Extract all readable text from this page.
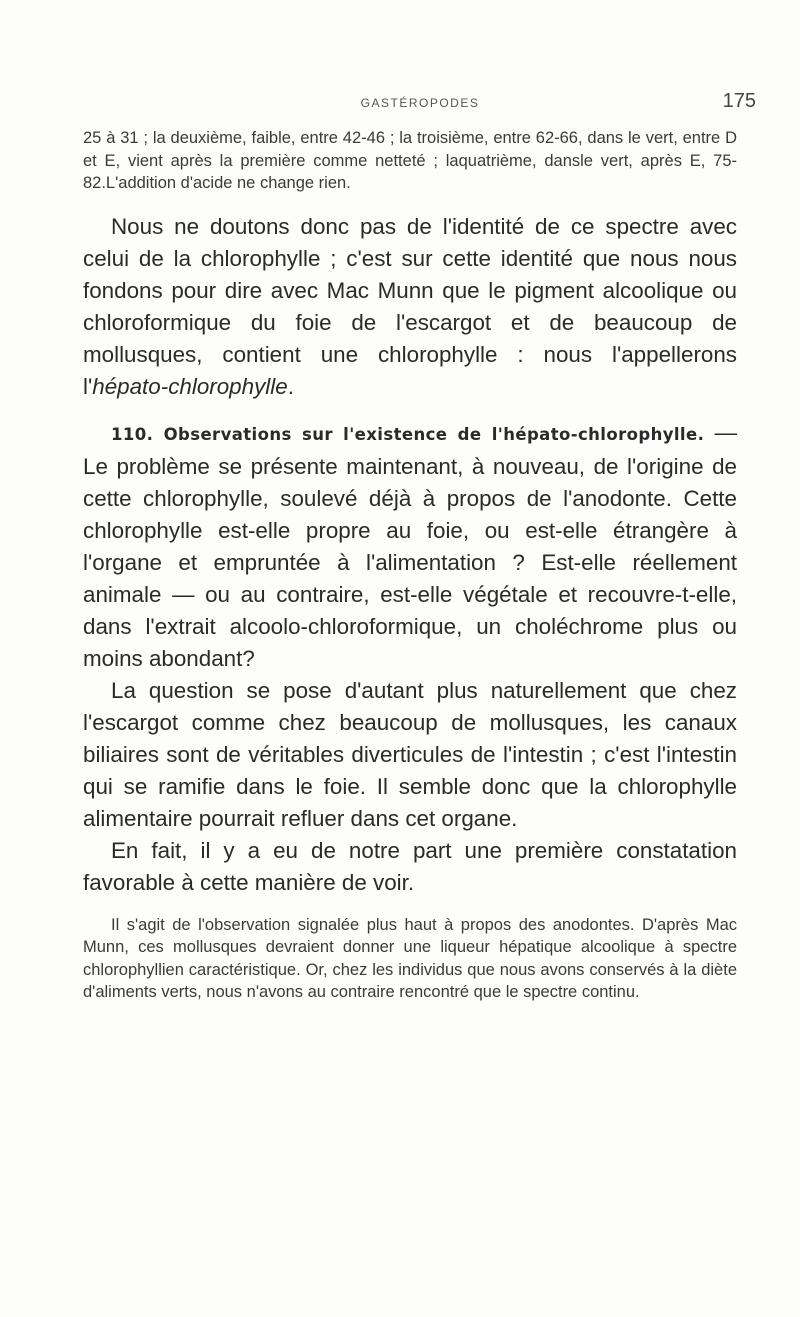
GASTÉROPODES	175

25 à 31 ; la deuxième, faible, entre 42-46 ; la troisième, entre 62-66, dans le vert, entre D et E, vient après la première comme netteté ; laquatrième, dansle vert, après E, 75-82.L'addition d'acide ne change rien.

Nous ne doutons donc pas de l'identité de ce spectre avec celui de la chlorophylle ; c'est sur cette identité que nous nous fondons pour dire avec Mac Munn que le pigment alcoolique ou chloroformique du foie de l'escargot et de beaucoup de mollusques, contient une chlorophylle : nous l'appellerons l'hépato-chlorophylle.

110. Observations sur l'existence de l'hépato-chlorophylle. — Le problème se présente maintenant, à nouveau, de l'origine de cette chlorophylle, soulevé déjà à propos de l'anodonte. Cette chlorophylle est-elle propre au foie, ou est-elle étrangère à l'organe et empruntée à l'alimentation ? Est-elle réellement animale — ou au contraire, est-elle végétale et recouvre-t-elle, dans l'extrait alcoolo-chloroformique, un choléchrome plus ou moins abondant?

La question se pose d'autant plus naturellement que chez l'escargot comme chez beaucoup de mollusques, les canaux biliaires sont de véritables diverticules de l'intestin ; c'est l'intestin qui se ramifie dans le foie. Il semble donc que la chlorophylle alimentaire pourrait refluer dans cet organe.

En fait, il y a eu de notre part une première constatation favorable à cette manière de voir.

Il s'agit de l'observation signalée plus haut à propos des anodontes. D'après Mac Munn, ces mollusques devraient donner une liqueur hépatique alcoolique à spectre chlorophyllien caractéristique. Or, chez les individus que nous avons conservés à la diète d'aliments verts, nous n'avons au contraire rencontré que le spectre continu.
